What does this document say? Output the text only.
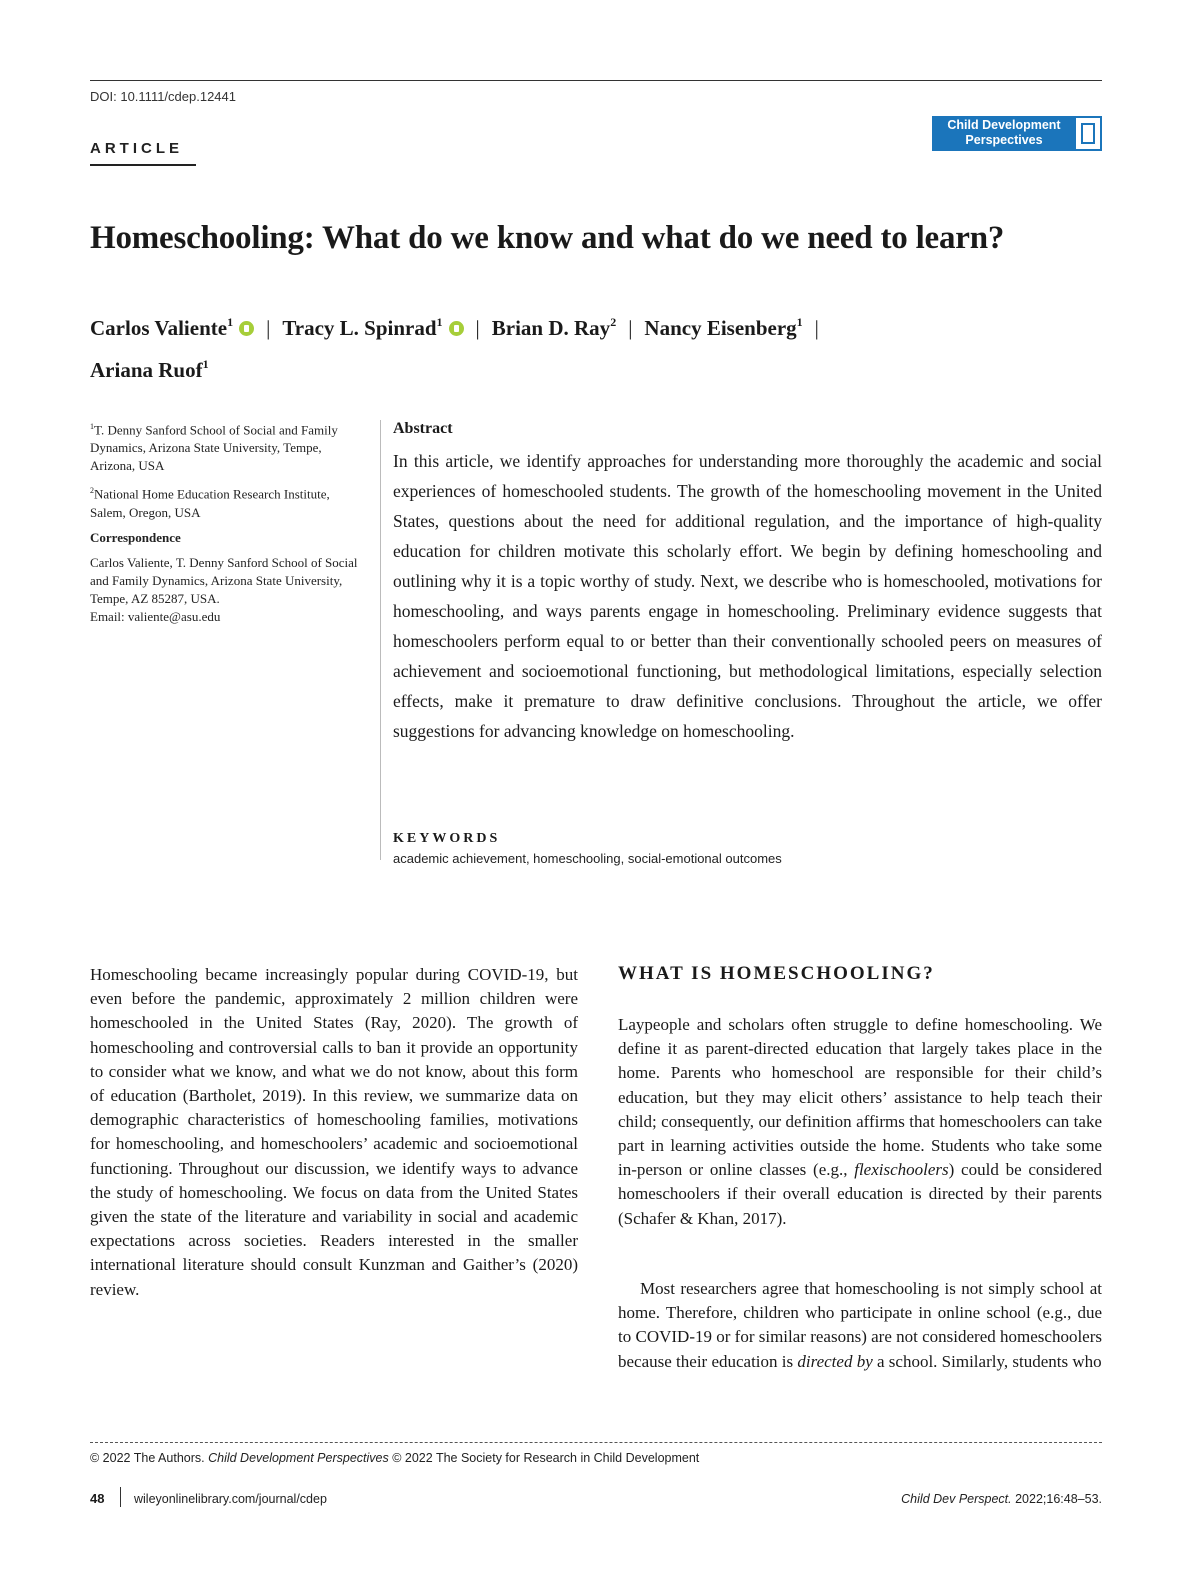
DOI: 10.1111/cdep.12441
ARTICLE
Child Development
Perspectives
Homeschooling: What do we know and what do we need to learn?
Carlos Valiente$^1$ | Tracy L. Spinrad$^1$ | Brian D. Ray$^2$ | Nancy Eisenberg$^1$ |
Ariana Ruof$^1$

$^1$T. Denny Sanford School of Social and Family Dynamics, Arizona State University, Tempe, Arizona, USA

$^2$National Home Education Research Institute, Salem, Oregon, USA

Correspondence

Carlos Valiente, T. Denny Sanford School of Social and Family Dynamics, Arizona State University, Tempe, AZ 85287, USA.
Email: valiente@asu.edu

Abstract

In this article, we identify approaches for understanding more thoroughly the academic and social experiences of homeschooled students. The growth of the homeschooling movement in the United States, questions about the need for additional regulation, and the importance of high-quality education for children motivate this scholarly effort. We begin by defining homeschooling and outlining why it is a topic worthy of study. Next, we describe who is homeschooled, motivations for homeschooling, and ways parents engage in homeschooling. Preliminary evidence suggests that homeschoolers perform equal to or better than their conventionally schooled peers on measures of achievement and socioemotional functioning, but methodological limitations, especially selection effects, make it premature to draw definitive conclusions. Throughout the article, we offer suggestions for advancing knowledge on homeschooling.

KEYWORDS
academic achievement, homeschooling, social-emotional outcomes

Homeschooling became increasingly popular during COVID-19, but even before the pandemic, approximately 2 million children were homeschooled in the United States (Ray, 2020). The growth of homeschooling and controversial calls to ban it provide an opportunity to consider what we know, and what we do not know, about this form of education (Bartholet, 2019). In this review, we summarize data on demographic characteristics of homeschooling families, motivations for homeschooling, and homeschoolers’ academic and socioemotional functioning. Throughout our discussion, we identify ways to advance the study of homeschooling. We focus on data from the United States given the state of the literature and variability in social and academic expectations across societies. Readers interested in the smaller international literature should consult Kunzman and Gaither’s (2020) review.

WHAT IS HOMESCHOOLING?

Laypeople and scholars often struggle to define homeschooling. We define it as parent-directed education that largely takes place in the home. Parents who homeschool are responsible for their child’s education, but they may elicit others’ assistance to help teach their child; consequently, our definition affirms that homeschoolers can take part in learning activities outside the home. Students who take some in-person or online classes (e.g., flexischoolers) could be considered homeschoolers if their overall education is directed by their parents (Schafer & Khan, 2017).

Most researchers agree that homeschooling is not simply school at home. Therefore, children who participate in online school (e.g., due to COVID-19 or for similar reasons) are not considered homeschoolers because their education is directed by a school. Similarly, students who

© 2022 The Authors. Child Development Perspectives © 2022 The Society for Research in Child Development
48 wileyonlinelibrary.com/journal/cdep	Child Dev Perspect. 2022;16:48–53.
